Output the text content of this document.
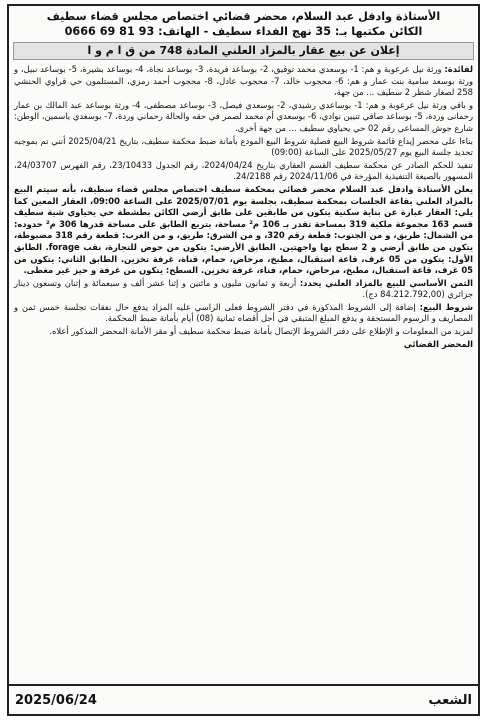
الأستاذة وادفل عبد السلام، محضر قضائي اختصاص مجلس قضاء سطيف
الكائن مكتبها بـ: 35 نهج الفداء سطيف - الهاتف: 93 81 69 0666
إعلان عن بيع عقار بالمزاد العلني المادة 748 من ق ا م و ا

لفائدة: ورثة نيل عرعوبة و هم: 1- بوسعدي محمد توفيق، 2- بوساعد فريدة، 3- بوساعد نجاة، 4- بوساعد بشيرة، 5- بوساعد نبيل، و ورثة بوسعد سامية بنت عمار و هم: 6- محجوب خالد، 7- محجوب عادل، 8- محجوب أحمد رمزي، المستلمون حي قراوي الحنشي 258 لصغار شطر 2 سطيف ... من جهة،

و باقي ورثة نيل عرعوبة و هم: 1- بوساعدي رشيدي، 2- بوسعدي فيصل، 3- بوساعد مصطفى، 4- ورثة بوساعد عبد المالك بن عمار رحمانى وردة، 5- بوساعد صافي تنيين نوادي، 6- بوسعدي أم محمد لصمر في حقه والحالة رحماني وردة، 7- بوسعدي ياسمين، الوطن: شارع جوش المساعي رقم 02 حي يحياوي سطيف ... من جهة أخرى.

بناءا على محضر إيداع قائمة شروط البيع فصلية شروط البيع المودع بأمانة ضبط محكمة سطيف، بتاريخ 2025/04/21 أنني تم بموجبه تحديد جلسة البيع يوم 2025/05/27 على الساعة (09:00)

تنفيذ للحكم الصادر عن محكمة سطيف القسم العقاري بتاريخ 2024/04/24، رقم الجدول 23/10433، رقم الفهرس 24/03707، المسهور بالصيغة التنفيذية المؤرخة في 2024/11/06 رقم 24/2188.

يعلن الأستاذة وادفل عبد السلام محضر قضائي بمحكمة سطيف اختصاص مجلس قضاء سطيف، بأنه سيتم البيع بالمزاد العلني بقاعة الجلسات بمحكمة سطيف، بجلسة يوم 2025/07/01 على الساعة 09:00، العقار المعين كما يلي: العقار عبارة عن بناية سكنية يتكون من طابقين على طابق أرضي الكائن بطشطة حي يحياوي شية سطيف قسم 163 مجموعة ملكية 319 بمساحة تقدر بـ 106 م² مساحة، يتربع الطابق على مساحة قدرها 306 م² حدوده: من الشمال: طريق، و من الجنوب: قطعة رقم 320، و من الشرق: طريق، و من الغرب: قطعة رقم 318 مضبوطة، يتكون من طابق أرضي و 2 سطح بها واجهتين. الطابق الأرضي: يتكون من حوض للتجارة، نقب forage. الطابق الأول: يتكون من 05 غرف، قاعة استقبال، مطبخ، مرحاض، حمام، قناة، غرفة تخزين. الطابق الثاني: يتكون من 05 غرف، قاعة استقبال، مطبخ، مرحاض، حمام، فناء، غرفة تخزين. السطح: يتكون من غرفة و حيز غير مغطى.

الثمن الأساسي للبيع بالمزاد العلني يحدد: أربعة و ثمانون مليون و مائتين و إثنا عشر ألف و سبعمائة و إثنان وتسعون دينار جزائري (84.212.792,00 دج).

شروط البيع: إضافة إلى الشروط المذكورة في دفتر الشروط فعلى الراسي عليه المزاد يدفع حال نفقات تجلسة خمس ثمن و المصاريف و الرسوم المستحقة و يدفع المبلغ المتبقي في أجل أقصاه ثمانية (08) أيام بأمانة ضبط المحكمة.

لمزيد من المعلومات و الإطلاع على دفتر الشروط الإتصال بأمانة ضبط محكمة سطيف أو مقر الأمانة المحضر المذكور أعلاه.

المحضر القضائي
الشعب
2025/06/24
